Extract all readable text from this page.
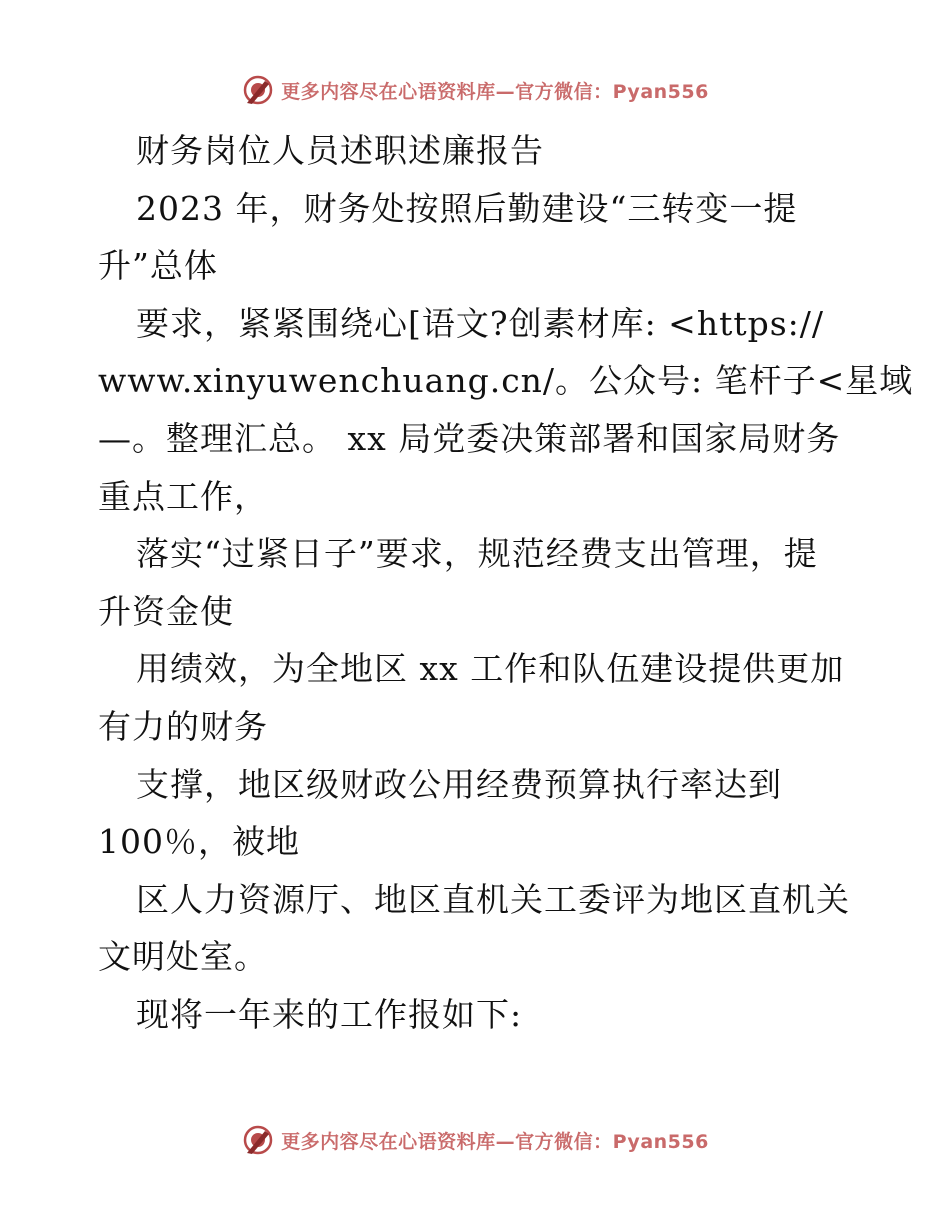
更多内容尽在心语资料库—官方微信：Pyan556
财务岗位人员述职述廉报告
2023 年，财务处按照后勤建设“三转变一提
升”总体
要求，紧紧围绕心[语文?创素材库: <https://
www.xinyuwenchuang.cn/。公众号: 笔杆子<星域
—。整理汇总。 xx 局党委决策部署和国家局财务
重点工作，
落实“过紧日子”要求，规范经费支出管理，提
升资金使
用绩效，为全地区 xx 工作和队伍建设提供更加
有力的财务
支撑，地区级财政公用经费预算执行率达到
100％，被地
区人力资源厅、地区直机关工委评为地区直机关
文明处室。
现将一年来的工作报如下:
更多内容尽在心语资料库—官方微信：Pyan556
